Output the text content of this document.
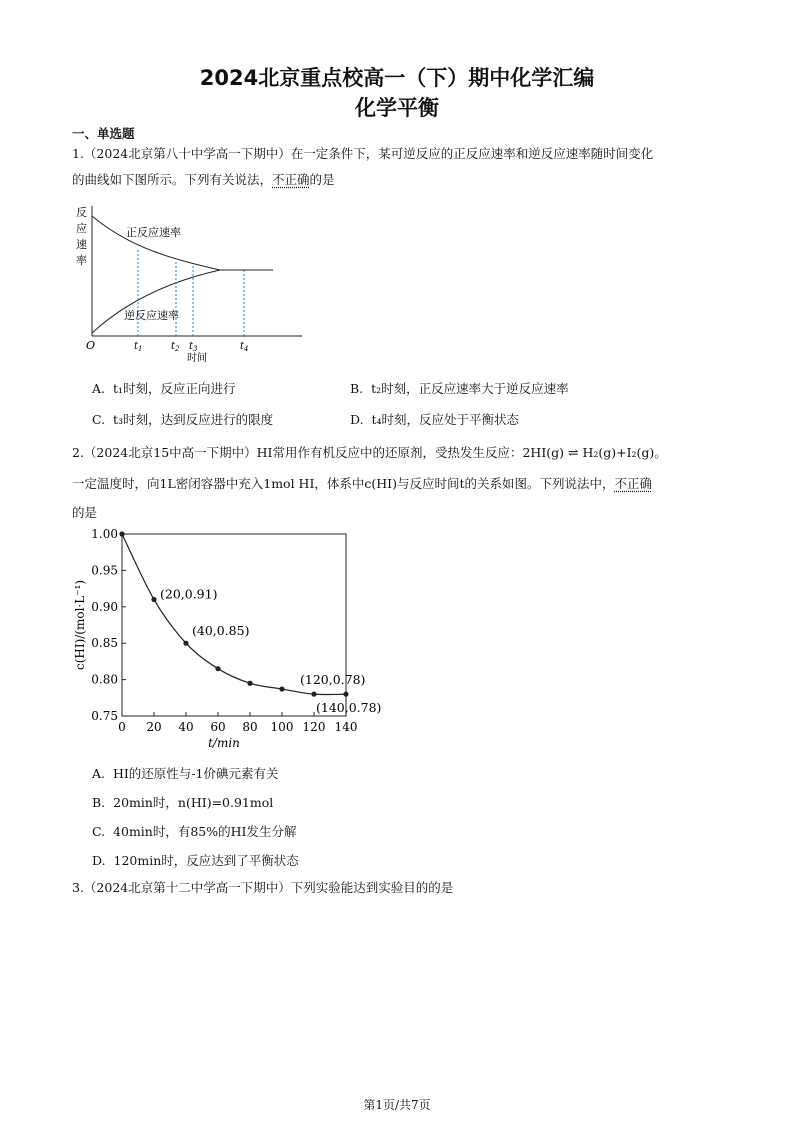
2024北京重点校高一（下）期中化学汇编
化学平衡
一、单选题
1.（2024北京第八十中学高一下期中）在一定条件下，某可逆反应的正反应速率和逆反应速率随时间变化
的曲线如下图所示。下列有关说法，不正确的是
反
应
速
率
正反应速率
逆反应速率
O	$t_1$	$t_2$ $t_3$	$t_4$
时间
A. t₁时刻，反应正向进行	B. t₂时刻，正反应速率大于逆反应速率
C. t₃时刻，达到反应进行的限度	D. t₄时刻，反应处于平衡状态
2.（2024北京15中高一下期中）HI常用作有机反应中的还原剂，受热发生反应：2HI(g) ⇌ H₂(g)+I₂(g)。
一定温度时，向1L密闭容器中充入1mol HI，体系中c(HI)与反应时间t的关系如图。下列说法中，不正确
的是
1.00
0.95
0.90
0.85
0.80
0.75
0 20 40 60 80 100 120 140
t/min
c(HI)/(mol·L⁻¹)	(20,0.91)
(40,0.85)
(120,0.78)
(140,0.78)
A. HI的还原性与-1价碘元素有关
B. 20min时，n(HI)=0.91mol
C. 40min时，有85%的HI发生分解
D. 120min时，反应达到了平衡状态
3.（2024北京第十二中学高一下期中）下列实验能达到实验目的的是
第1页/共7页
